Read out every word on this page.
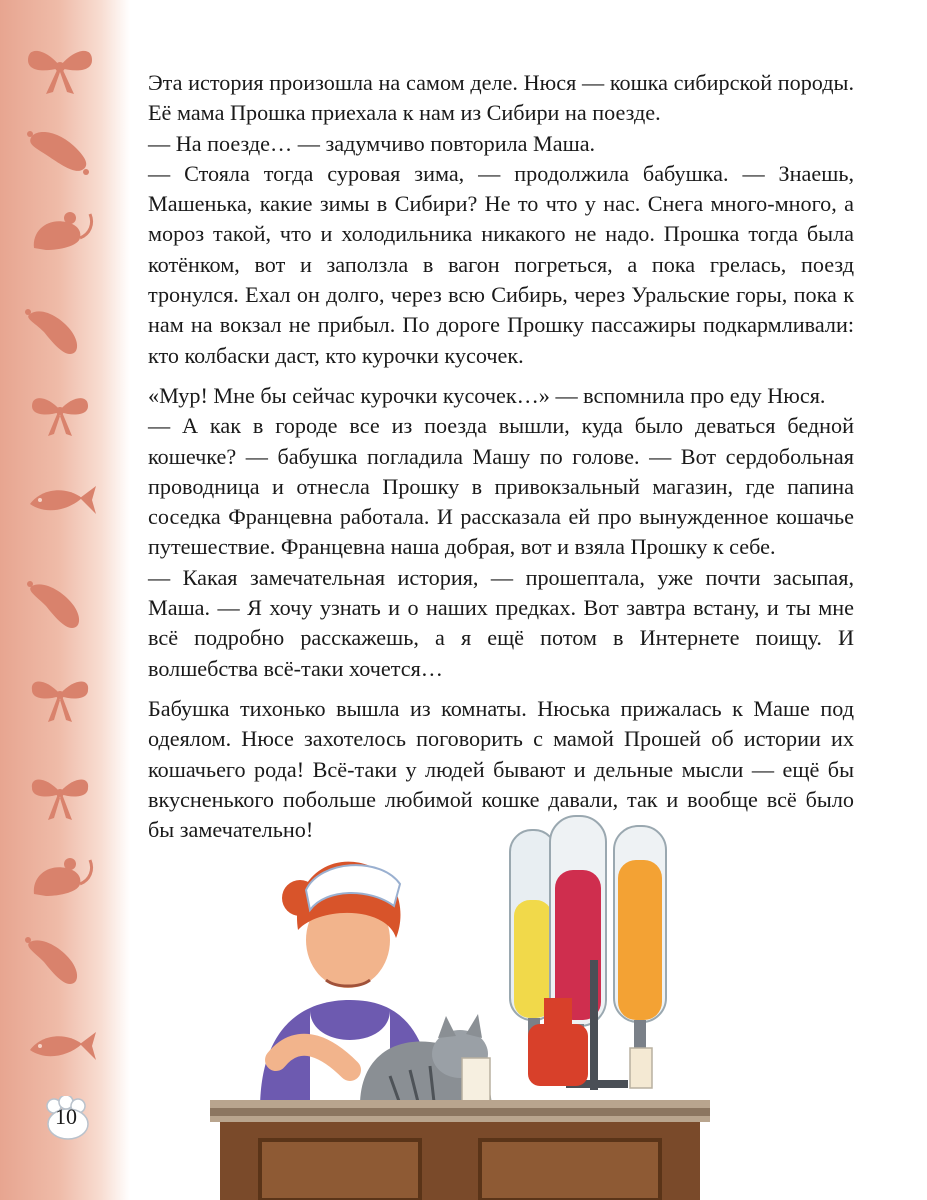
Эта история произошла на самом деле. Нюся — кошка сибирской породы. Её мама Прошка приехала к нам из Сибири на поезде.

— На поезде… — задумчиво повторила Маша.

— Стояла тогда суровая зима, — продолжила бабушка. — Знаешь, Машенька, какие зимы в Сибири? Не то что у нас. Снега много-много, а мороз такой, что и холодильника никакого не надо. Прошка тогда была котёнком, вот и заползла в вагон погреться, а пока грелась, поезд тронулся. Ехал он долго, через всю Сибирь, через Уральские горы, пока к нам на вокзал не прибыл. По дороге Прошку пассажиры подкармливали: кто колбаски даст, кто курочки кусочек.

«Мур! Мне бы сейчас курочки кусочек…» — вспомнила про еду Нюся.

— А как в городе все из поезда вышли, куда было деваться бедной кошечке? — бабушка погладила Машу по голове. — Вот сердобольная проводница и отнесла Прошку в привокзальный магазин, где папина соседка Францевна работала. И рассказала ей про вынужденное кошачье путешествие. Францевна наша добрая, вот и взяла Прошку к себе.

— Какая замечательная история, — прошептала, уже почти засыпая, Маша. — Я хочу узнать и о наших предках. Вот завтра встану, и ты мне всё подробно расскажешь, а я ещё потом в Интернете поищу. И волшебства всё-таки хочется…

Бабушка тихонько вышла из комнаты. Нюська прижалась к Маше под одеялом. Нюсе захотелось поговорить с мамой Прошей об истории их кошачьего рода! Всё-таки у людей бывают и дельные мысли — ещё бы вкусненького побольше любимой кошке давали, так и вообще всё было бы замечательно!

10
